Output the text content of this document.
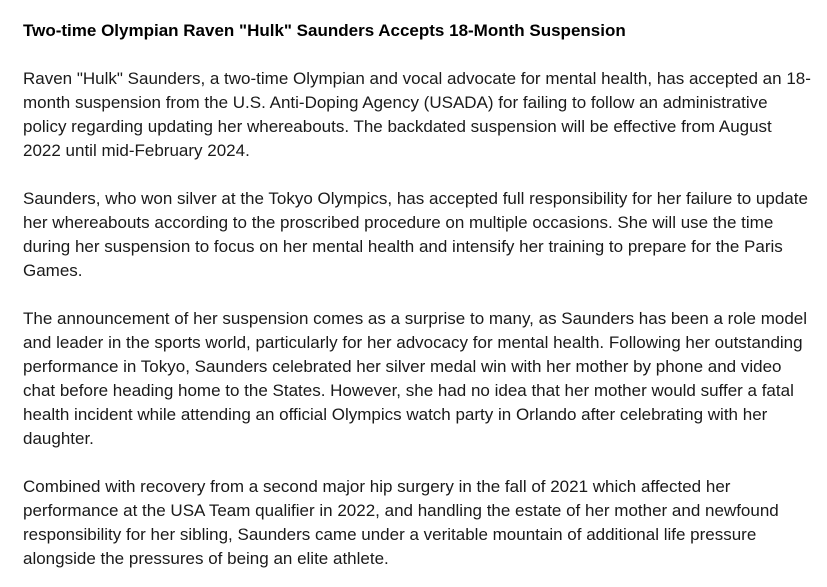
Two-time Olympian Raven "Hulk" Saunders Accepts 18-Month Suspension

Raven "Hulk" Saunders, a two-time Olympian and vocal advocate for mental health, has accepted an 18-month suspension from the U.S. Anti-Doping Agency (USADA) for failing to follow an administrative policy regarding updating her whereabouts. The backdated suspension will be effective from August 2022 until mid-February 2024.

Saunders, who won silver at the Tokyo Olympics, has accepted full responsibility for her failure to update her whereabouts according to the proscribed procedure on multiple occasions. She will use the time during her suspension to focus on her mental health and intensify her training to prepare for the Paris Games.

The announcement of her suspension comes as a surprise to many, as Saunders has been a role model and leader in the sports world, particularly for her advocacy for mental health. Following her outstanding performance in Tokyo, Saunders celebrated her silver medal win with her mother by phone and video chat before heading home to the States. However, she had no idea that her mother would suffer a fatal health incident while attending an official Olympics watch party in Orlando after celebrating with her daughter.

Combined with recovery from a second major hip surgery in the fall of 2021 which affected her performance at the USA Team qualifier in 2022, and handling the estate of her mother and newfound responsibility for her sibling, Saunders came under a veritable mountain of additional life pressure alongside the pressures of being an elite athlete.
